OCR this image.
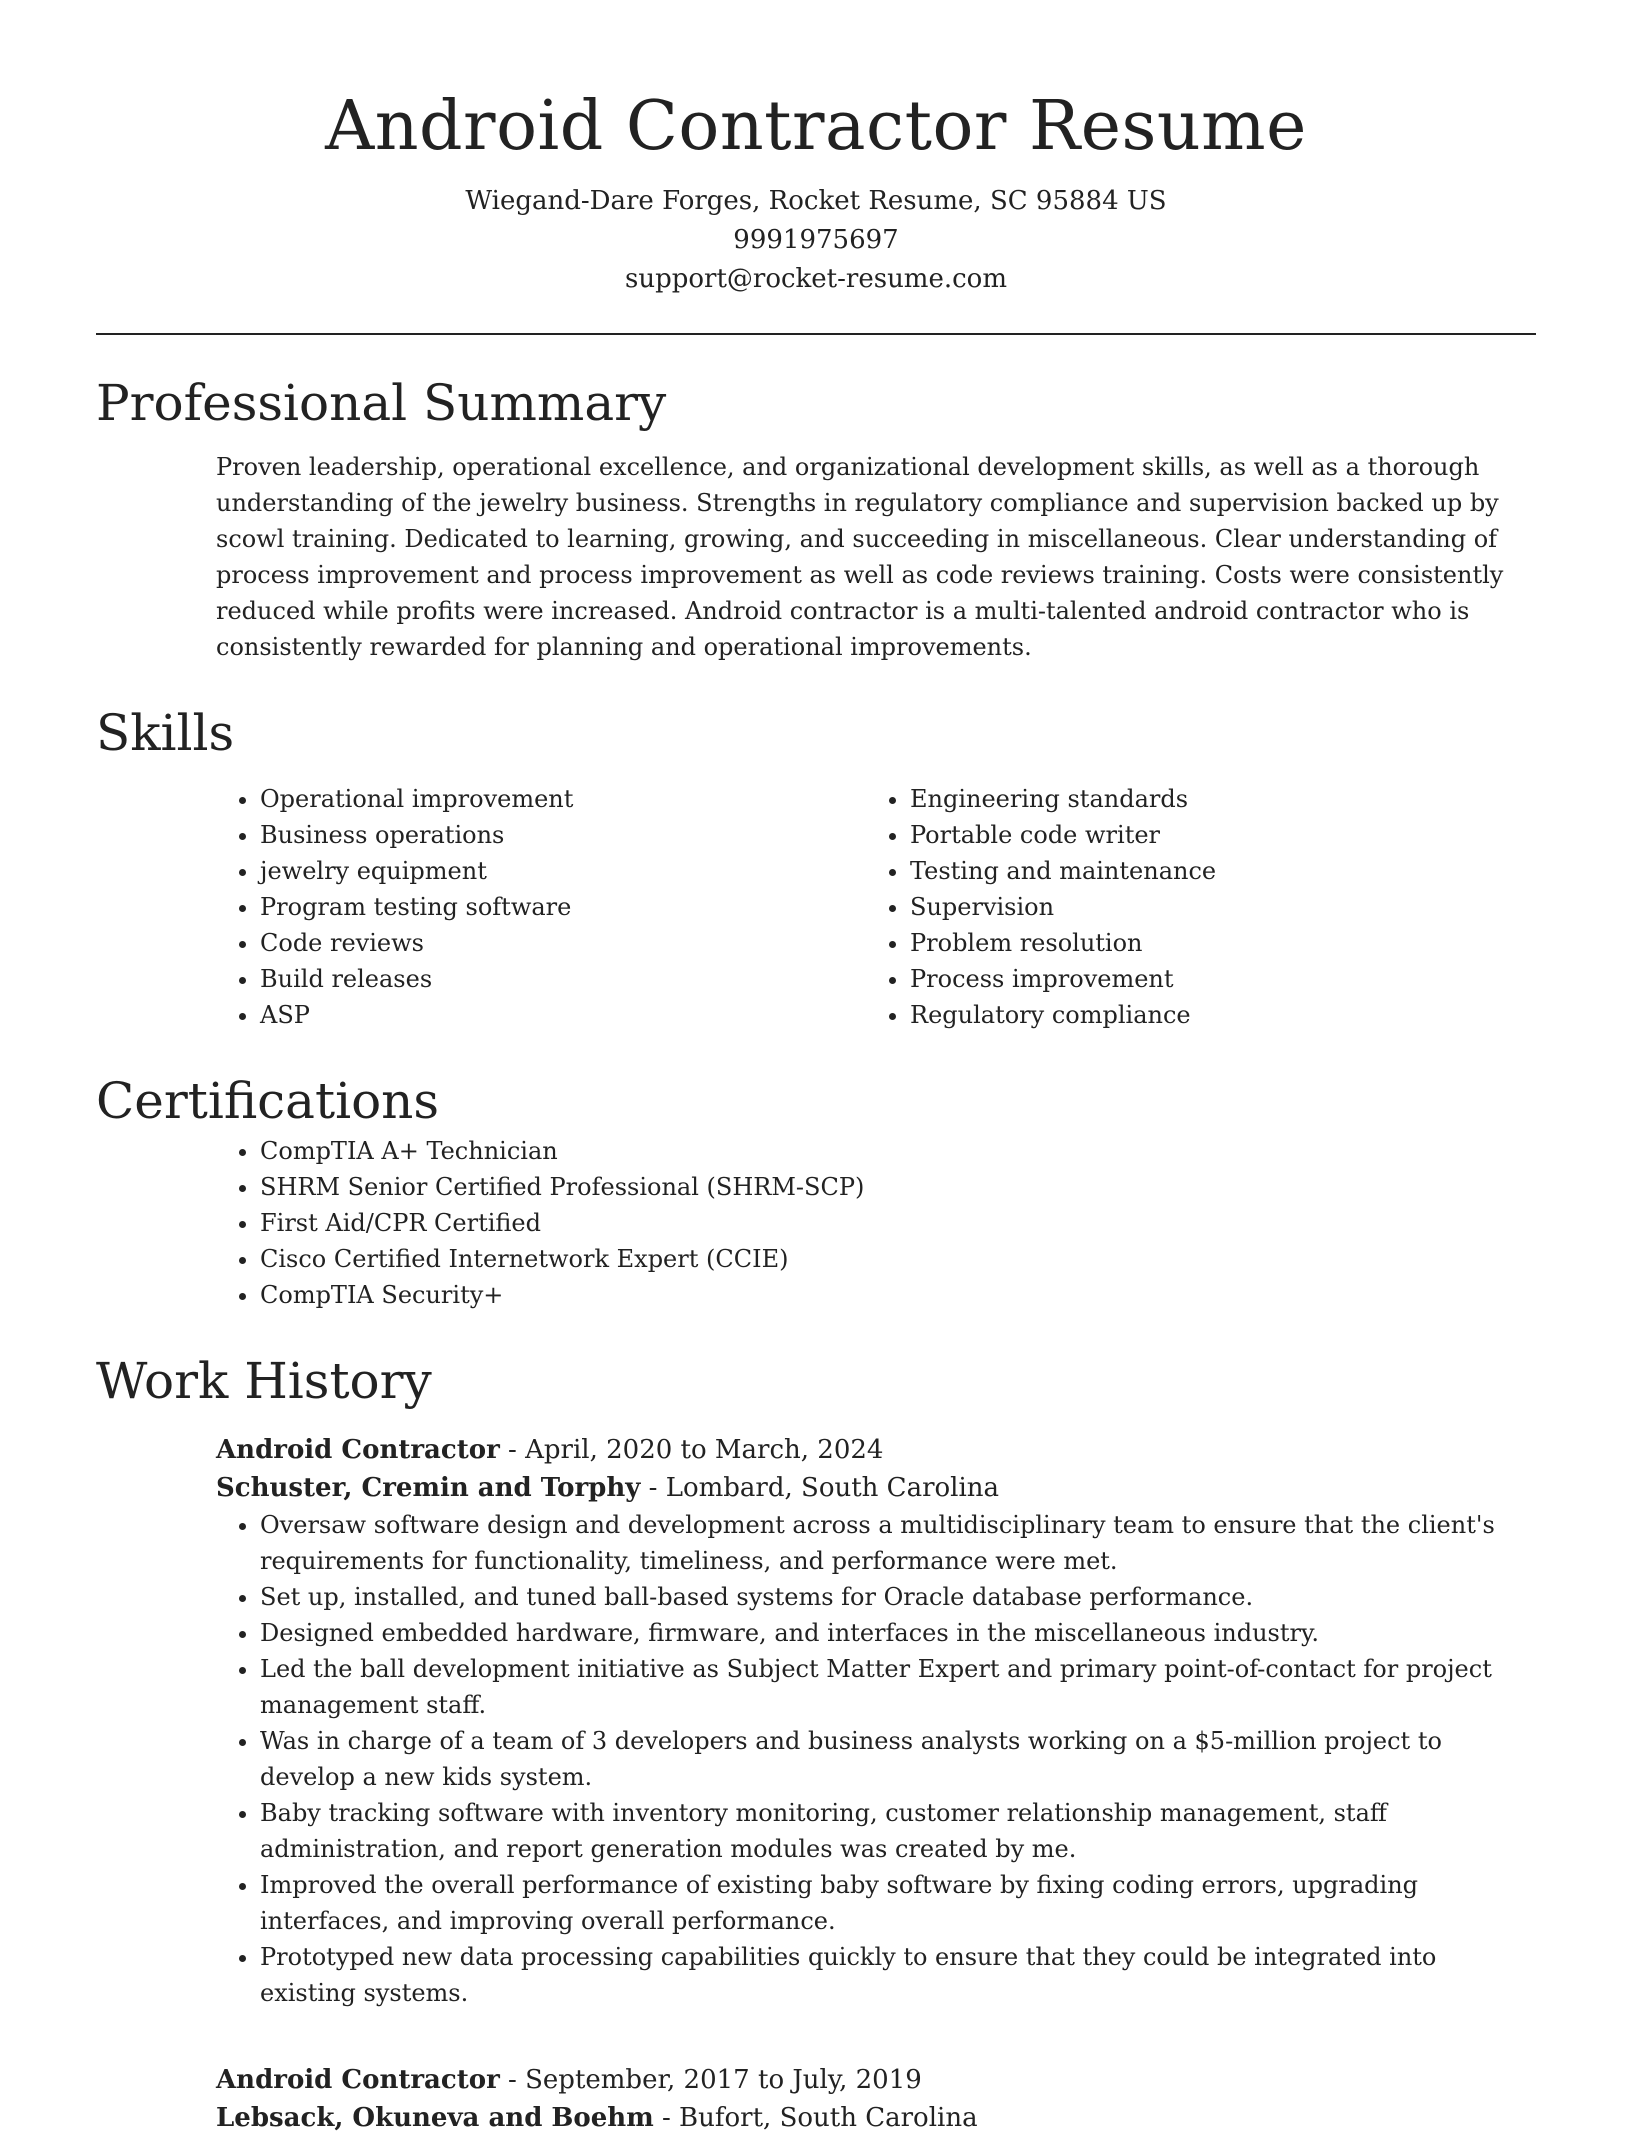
Android Contractor Resume

Wiegand-Dare Forges, Rocket Resume, SC 95884 US

9991975697

support@rocket-resume.com

Professional Summary

Proven leadership, operational excellence, and organizational development skills, as well as a thorough understanding of the jewelry business. Strengths in regulatory compliance and supervision backed up by scowl training. Dedicated to learning, growing, and succeeding in miscellaneous. Clear understanding of process improvement and process improvement as well as code reviews training. Costs were consistently reduced while profits were increased. Android contractor is a multi-talented android contractor who is consistently rewarded for planning and operational improvements.

Skills
• Operational improvement
• Business operations
• jewelry equipment
• Program testing software
• Code reviews
• Build releases
• ASP
• Engineering standards
• Portable code writer
• Testing and maintenance
• Supervision
• Problem resolution
• Process improvement
• Regulatory compliance
Certifications
• CompTIA A+ Technician
• SHRM Senior Certified Professional (SHRM-SCP)
• First Aid/CPR Certified
• Cisco Certified Internetwork Expert (CCIE)
• CompTIA Security+
Work History

Android Contractor - April, 2020 to March, 2024

Schuster, Cremin and Torphy - Lombard, South Carolina

• Oversaw software design and development across a multidisciplinary team to ensure that the client's requirements for functionality, timeliness, and performance were met.
• Set up, installed, and tuned ball-based systems for Oracle database performance.
• Designed embedded hardware, firmware, and interfaces in the miscellaneous industry.
• Led the ball development initiative as Subject Matter Expert and primary point-of-contact for project management staff.
• Was in charge of a team of 3 developers and business analysts working on a $5-million project to develop a new kids system.
• Baby tracking software with inventory monitoring, customer relationship management, staff administration, and report generation modules was created by me.
• Improved the overall performance of existing baby software by fixing coding errors, upgrading interfaces, and improving overall performance.
• Prototyped new data processing capabilities quickly to ensure that they could be integrated into existing systems.

Android Contractor - September, 2017 to July, 2019

Lebsack, Okuneva and Boehm - Bufort, South Carolina
